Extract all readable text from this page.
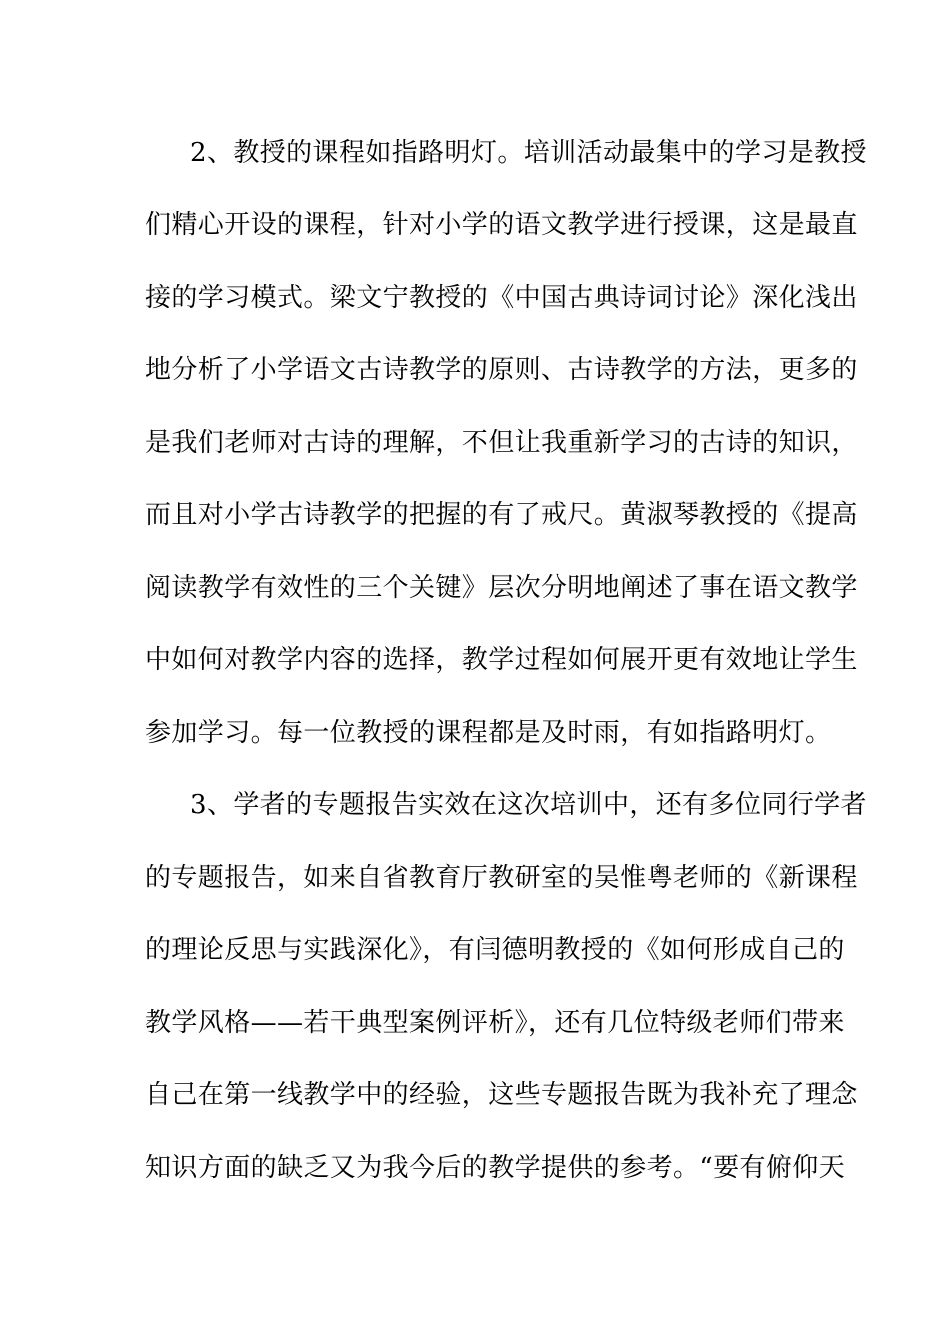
2、教授的课程如指路明灯。培训活动最集中的学习是教授
们精心开设的课程，针对小学的语文教学进行授课，这是最直
接的学习模式。梁文宁教授的《中国古典诗词讨论》深化浅出
地分析了小学语文古诗教学的原则、古诗教学的方法，更多的
是我们老师对古诗的理解，不但让我重新学习的古诗的知识，
而且对小学古诗教学的把握的有了戒尺。黄淑琴教授的《提高
阅读教学有效性的三个关键》层次分明地阐述了事在语文教学
中如何对教学内容的选择，教学过程如何展开更有效地让学生
参加学习。每一位教授的课程都是及时雨，有如指路明灯。
3、学者的专题报告实效在这次培训中，还有多位同行学者
的专题报告，如来自省教育厅教研室的吴惟粤老师的《新课程
的理论反思与实践深化》，有闫德明教授的《如何形成自己的
教学风格——若干典型案例评析》，还有几位特级老师们带来
自己在第一线教学中的经验，这些专题报告既为我补充了理念
知识方面的缺乏又为我今后的教学提供的参考。“要有俯仰天
